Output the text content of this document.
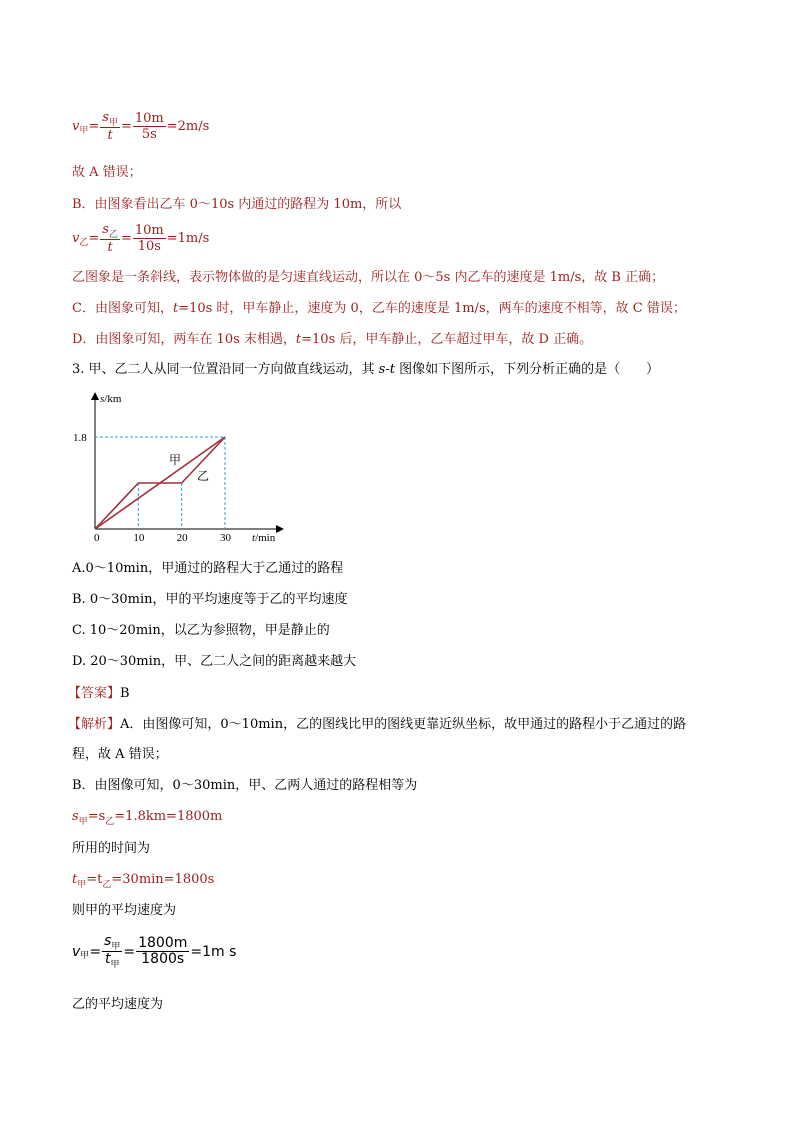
v 甲 = $\frac{s_甲}{t} = \frac{10m}{5s} =2m/s$
故 A 错误；
B．由图象看出乙车 0～10s 内通过的路程为 10m，所以
v 乙 = $\frac{s_乙}{t} = \frac{10m}{10s} =1m/s$
乙图象是一条斜线，表示物体做的是匀速直线运动，所以在 0～5s 内乙车的速度是 1m/s，故 B 正确；
C．由图象可知，t=10s 时，甲车静止，速度为 0，乙车的速度是 1m/s，两车的速度不相等，故 C 错误；
D．由图象可知，两车在 10s 末相遇，t=10s 后，甲车静止，乙车超过甲车，故 D 正确。
3. 甲、乙二人从同一位置沿同一方向做直线运动，其 s-t 图像如下图所示，下列分析正确的是（　　）
s/km
t/min
甲
乙
0	10	20	30
1.8
A.0～10min，甲通过的路程大于乙通过的路程
B. 0～30min，甲的平均速度等于乙的平均速度
C. 10～20min，以乙为参照物，甲是静止的
D. 20～30min，甲、乙二人之间的距离越来越大
【答案】B
【解析】A．由图像可知，0～10min，乙的图线比甲的图线更靠近纵坐标，故甲通过的路程小于乙通过的路
程，故 A 错误；
B．由图像可知，0～30min，甲、乙两人通过的路程相等为
$s_甲=s_乙=1.8km=1800m$
所用的时间为
$t_甲=t_乙=30\min=1800s$
则甲的平均速度为
v 甲 = $\frac{s_甲}{t_甲} = \frac{1800m}{1800s} =1m$ s
乙的平均速度为
